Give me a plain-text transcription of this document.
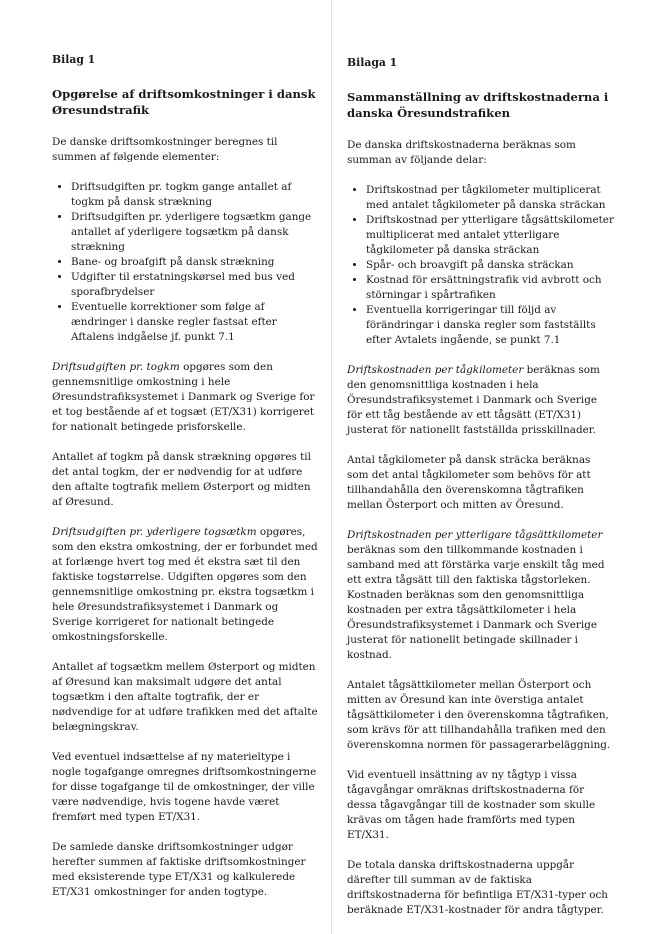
Bilag 1
Opgørelse af driftsomkostninger i dansk Øresundstrafik

De danske driftsomkostninger beregnes til summen af følgende elementer:

• Driftsudgiften pr. togkm gange antallet af togkm på dansk strækning
• Driftsudgiften pr. yderligere togsætkm gange antallet af yderligere togsætkm på dansk strækning
• Bane- og broafgift på dansk strækning
• Udgifter til erstatningskørsel med bus ved sporafbrydelser
• Eventuelle korrektioner som følge af ændringer i danske regler fastsat efter Aftalens indgåelse jf. punkt 7.1

Driftsudgiften pr. togkm opgøres som den gennemsnitlige omkostning i hele Øresundstrafiksystemet i Danmark og Sverige for et tog bestående af et togsæt (ET/X31) korrigeret for nationalt betingede prisforskelle.

Antallet af togkm på dansk strækning opgøres til det antal togkm, der er nødvendig for at udføre den aftalte togtrafik mellem Østerport og midten af Øresund.

Driftsudgiften pr. yderligere togsætkm opgøres, som den ekstra omkostning, der er forbundet med at forlænge hvert tog med ét ekstra sæt til den faktiske togstørrelse. Udgiften opgøres som den gennemsnitlige omkostning pr. ekstra togsætkm i hele Øresundstrafiksystemet i Danmark og Sverige korrigeret for nationalt betingede omkostningsforskelle.

Antallet af togsætkm mellem Østerport og midten af Øresund kan maksimalt udgøre det antal togsætkm i den aftalte togtrafik, der er nødvendige for at udføre trafikken med det aftalte belægningskrav.

Ved eventuel indsættelse af ny materieltype i nogle togafgange omregnes driftsomkostningerne for disse togafgange til de omkostninger, der ville være nødvendige, hvis togene havde været fremført med typen ET/X31.

De samlede danske driftsomkostninger udgør herefter summen af faktiske driftsomkostninger med eksisterende type ET/X31 og kalkulerede ET/X31 omkostninger for anden togtype.

Bilaga 1
Sammanställning av driftskostnaderna i danska Öresundstrafiken

De danska driftskostnaderna beräknas som summan av följande delar:

• Driftskostnad per tågkilometer multiplicerat med antalet tågkilometer på danska sträckan
• Driftskostnad per ytterligare tågsättskilometer multiplicerat med antalet ytterligare tågkilometer på danska sträckan
• Spår- och broavgift på danska sträckan
• Kostnad för ersättningstrafik vid avbrott och störningar i spårtrafiken
• Eventuella korrigeringar till följd av förändringar i danska regler som fastställts efter Avtalets ingående, se punkt 7.1

Driftskostnaden per tågkilometer beräknas som den genomsnittliga kostnaden i hela Öresundstrafiksystemet i Danmark och Sverige för ett tåg bestående av ett tågsätt (ET/X31) justerat för nationellt fastställda prisskillnader.

Antal tågkilometer på dansk sträcka beräknas som det antal tågkilometer som behövs för att tillhandahålla den överenskomna tågtrafiken mellan Österport och mitten av Öresund.

Driftskostnaden per ytterligare tågsättkilometer beräknas som den tillkommande kostnaden i samband med att förstärka varje enskilt tåg med ett extra tågsätt till den faktiska tågstorleken. Kostnaden beräknas som den genomsnittliga kostnaden per extra tågsättkilometer i hela Öresundstrafiksystemet i Danmark och Sverige justerat för nationellt betingade skillnader i kostnad.

Antalet tågsättkilometer mellan Österport och mitten av Öresund kan inte överstiga antalet tågsättkilometer i den överenskomna tågtrafiken, som krävs för att tillhandahålla trafiken med den överenskomna normen för passagerarbeläggning.

Vid eventuell insättning av ny tågtyp i vissa tågavgångar omräknas driftskostnaderna för dessa tågavgångar till de kostnader som skulle krävas om tågen hade framförts med typen ET/X31.

De totala danska driftskostnaderna uppgår därefter till summan av de faktiska driftskostnaderna för befintliga ET/X31-typer och beräknade ET/X31-kostnader för andra tågtyper.
